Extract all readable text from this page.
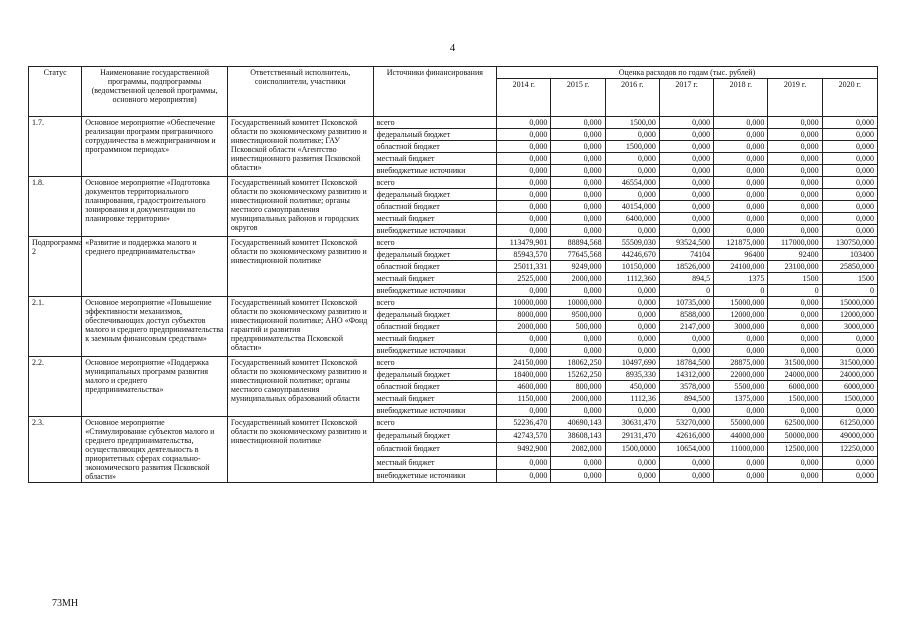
4
Статус	Наименование государственной программы, подпрограммы (ведомственной целевой программы, основного мероприятия)	Ответственный исполнитель, соисполнители, участники	Источники финансирования	Оценка расходов по годам (тыс. рублей)						
				2014 г.	2015 г.	2016 г.	2017 г.	2018 г.	2019 г.	2020 г.
1.7.	Основное мероприятие «Обеспечение реализации программ приграничного сотрудничества в межприграничном и программном периодах»	Государственный комитет Псковской области по экономическому развитию и инвестиционной политике; ГАУ Псковской области «Агентство инвестиционного развития Псковской области»	всего	0,000	0,000	1500,00	0,000	0,000	0,000	0,000
			федеральный бюджет	0,000	0,000	0,000	0,000	0,000	0,000	0,000
			областной бюджет	0,000	0,000	1500,000	0,000	0,000	0,000	0,000
			местный бюджет	0,000	0,000	0,000	0,000	0,000	0,000	0,000
			внебюджетные источники	0,000	0,000	0,000	0,000	0,000	0,000	0,000
1.8.	Основное мероприятие «Подготовка документов территориального планирования, градостроительного зонирования и документации по планировке территории»	Государственный комитет Псковской области по экономическому развитию и инвестиционной политике; органы местного самоуправления муниципальных районов и городских округов	всего	0,000	0,000	46554,000	0,000	0,000	0,000	0,000
			федеральный бюджет	0,000	0,000	0,000	0,000	0,000	0,000	0,000
			областной бюджет	0,000	0,000	40154,000	0,000	0,000	0,000	0,000
			местный бюджет	0,000	0,000	6400,000	0,000	0,000	0,000	0,000
			внебюджетные источники	0,000	0,000	0,000	0,000	0,000	0,000	0,000
Подпрограмма 2	«Развитие и поддержка малого и среднего предпринимательства»	Государственный комитет Псковской области по экономическому развитию и инвестиционной политике	всего	113479,901	88894,568	55509,030	93524,500	121875,000	117000,000	130750,000
			федеральный бюджет	85943,570	77645,568	44246,670	74104	96400	92400	103400
			областной бюджет	25011,331	9249,000	10150,000	18526,000	24100,000	23100,000	25850,000
			местный бюджет	2525,000	2000,000	1112,360	894,5	1375	1500	1500
			внебюджетные источники	0,000	0,000	0,000	0	0	0	0
2.1.	Основное мероприятие «Повышение эффективности механизмов, обеспечивающих доступ субъектов малого и среднего предпринимательства к заемным финансовым средствам»	Государственный комитет Псковской области по экономическому развитию и инвестиционной политике; АНО «Фонд гарантий и развития предпринимательства Псковской области»	всего	10000,000	10000,000	0,000	10735,000	15000,000	0,000	15000,000
			федеральный бюджет	8000,000	9500,000	0,000	8588,000	12000,000	0,000	12000,000
			областной бюджет	2000,000	500,000	0,000	2147,000	3000,000	0,000	3000,000
			местный бюджет	0,000	0,000	0,000	0,000	0,000	0,000	0,000
			внебюджетные источники	0,000	0,000	0,000	0,000	0,000	0,000	0,000
2.2.	Основное мероприятие «Поддержка муниципальных программ развития малого и среднего предпринимательства»	Государственный комитет Псковской области по экономическому развитию и инвестиционной политике; органы местного самоуправления муниципальных образований области	всего	24150,000	18062,250	10497,690	18784,500	28875,000	31500,000	31500,000
			федеральный бюджет	18400,000	15262,250	8935,330	14312,000	22000,000	24000,000	24000,000
			областной бюджет	4600,000	800,000	450,000	3578,000	5500,000	6000,000	6000,000
			местный бюджет	1150,000	2000,000	1112,36	894,500	1375,000	1500,000	1500,000
			внебюджетные источники	0,000	0,000	0,000	0,000	0,000	0,000	0,000
2.3.	Основное мероприятие «Стимулирование субъектов малого и среднего предпринимательства, осуществляющих деятельность в приоритетных сферах социально-экономического развития Псковской области»	Государственный комитет Псковской области по экономическому развитию и инвестиционной политике	всего	52236,470	40690,143	30631,470	53270,000	55000,000	62500,000	61250,000
			федеральный бюджет	42743,570	38608,143	29131,470	42616,000	44000,000	50000,000	49000,000
			областной бюджет	9492,900	2082,000	1500,0000	10654,000	11000,000	12500,000	12250,000
			местный бюджет	0,000	0,000	0,000	0,000	0,000	0,000	0,000
			внебюджетные источники	0,000	0,000	0,000	0,000	0,000	0,000	0,000
73МН
